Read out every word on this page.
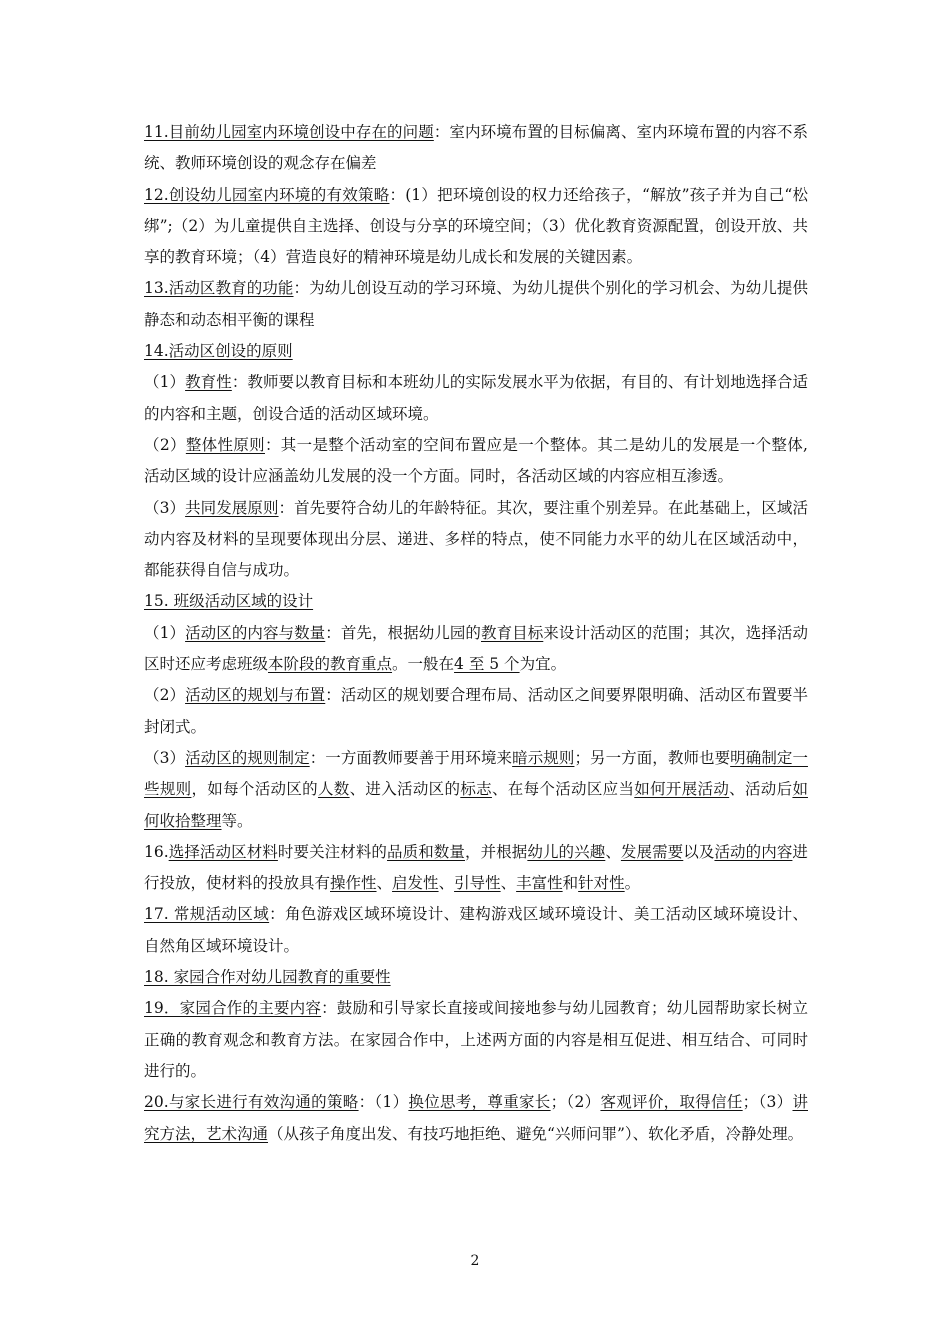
11.目前幼儿园室内环境创设中存在的问题：室内环境布置的目标偏离、室内环境布置的内容不系统、教师环境创设的观念存在偏差

12.创设幼儿园室内环境的有效策略：(1）把环境创设的权力还给孩子，“解放”孩子并为自己“松绑”;（2）为儿童提供自主选择、创设与分享的环境空间；（3）优化教育资源配置，创设开放、共享的教育环境；（4）营造良好的精神环境是幼儿成长和发展的关键因素。

13.活动区教育的功能：为幼儿创设互动的学习环境、为幼儿提供个别化的学习机会、为幼儿提供静态和动态相平衡的课程

14.活动区创设的原则

（1）教育性：教师要以教育目标和本班幼儿的实际发展水平为依据，有目的、有计划地选择合适的内容和主题，创设合适的活动区域环境。

（2）整体性原则：其一是整个活动室的空间布置应是一个整体。其二是幼儿的发展是一个整体,活动区域的设计应涵盖幼儿发展的没一个方面。同时，各活动区域的内容应相互渗透。

（3）共同发展原则：首先要符合幼儿的年龄特征。其次，要注重个别差异。在此基础上，区域活动内容及材料的呈现要体现出分层、递进、多样的特点，使不同能力水平的幼儿在区域活动中，都能获得自信与成功。

15. 班级活动区域的设计

（1）活动区的内容与数量：首先，根据幼儿园的教育目标来设计活动区的范围；其次，选择活动区时还应考虑班级本阶段的教育重点。一般在4 至 5 个为宜。

（2）活动区的规划与布置：活动区的规划要合理布局、活动区之间要界限明确、活动区布置要半封闭式。

（3）活动区的规则制定：一方面教师要善于用环境来暗示规则；另一方面，教师也要明确制定一些规则，如每个活动区的人数、进入活动区的标志、在每个活动区应当如何开展活动、活动后如何收拾整理等。

16.选择活动区材料时要关注材料的品质和数量，并根据幼儿的兴趣、发展需要以及活动的内容进行投放，使材料的投放具有操作性、启发性、引导性、丰富性和针对性。

17. 常规活动区域：角色游戏区域环境设计、建构游戏区域环境设计、美工活动区域环境设计、自然角区域环境设计。

18. 家园合作对幼儿园教育的重要性

19．家园合作的主要内容：鼓励和引导家长直接或间接地参与幼儿园教育；幼儿园帮助家长树立正确的教育观念和教育方法。在家园合作中，上述两方面的内容是相互促进、相互结合、可同时进行的。

20.与家长进行有效沟通的策略：（1）换位思考，尊重家长；（2）客观评价，取得信任；（3）讲究方法，艺术沟通（从孩子角度出发、有技巧地拒绝、避免“兴师问罪”）、软化矛盾，冷静处理。

2
